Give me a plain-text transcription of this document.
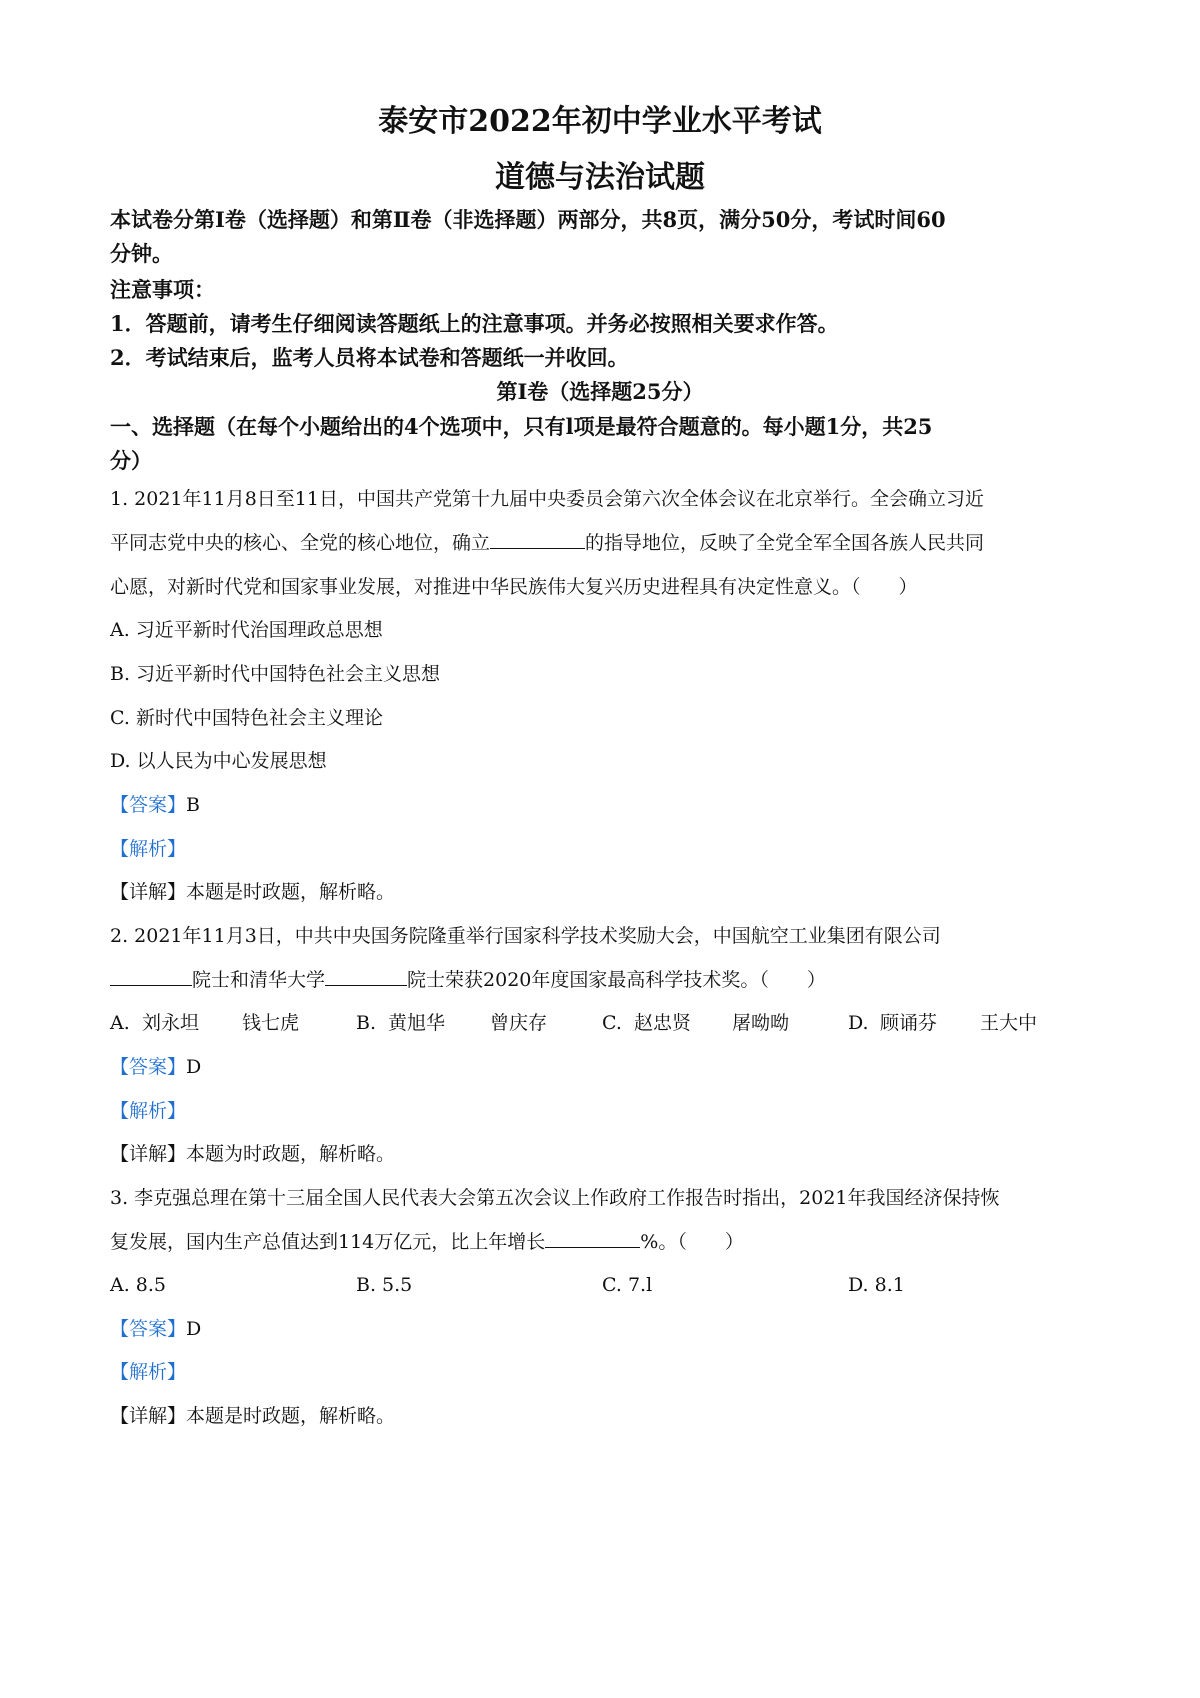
泰安市2022年初中学业水平考试
道德与法治试题
本试卷分第Ⅰ卷（选择题）和第Ⅱ卷（非选择题）两部分，共8页，满分50分，考试时间60
分钟。
注意事项：
1．答题前，请考生仔细阅读答题纸上的注意事项。并务必按照相关要求作答。
2．考试结束后，监考人员将本试卷和答题纸一并收回。
第Ⅰ卷（选择题25分）
一、选择题（在每个小题给出的4个选项中，只有l项是最符合题意的。每小题1分，共25
分）
1. 2021年11月8日至11日，中国共产党第十九届中央委员会第六次全体会议在北京举行。全会确立习近
平同志党中央的核心、全党的核心地位，确立	的指导地位，反映了全党全军全国各族人民共同
心愿，对新时代党和国家事业发展，对推进中华民族伟大复兴历史进程具有决定性意义。（　　）
A. 习近平新时代治国理政总思想
B. 习近平新时代中国特色社会主义思想
C. 新时代中国特色社会主义理论
D. 以人民为中心发展思想
【答案】B
【解析】
【详解】本题是时政题，解析略。
2. 2021年11月3日，中共中央国务院隆重举行国家科学技术奖励大会，中国航空工业集团有限公司
院士和清华大学	院士荣获2020年度国家最高科学技术奖。（　　）
A. 刘永坦 钱七虎	B. 黄旭华 曾庆存	C. 赵忠贤 屠呦呦	D. 顾诵芬 王大中
【答案】D
【解析】
【详解】本题为时政题，解析略。
3. 李克强总理在第十三届全国人民代表大会第五次会议上作政府工作报告时指出，2021年我国经济保持恢
复发展，国内生产总值达到114万亿元，比上年增长	%。（　　）
A. 8.5	B. 5.5	C. 7.l	D. 8.1
【答案】D
【解析】
【详解】本题是时政题，解析略。
